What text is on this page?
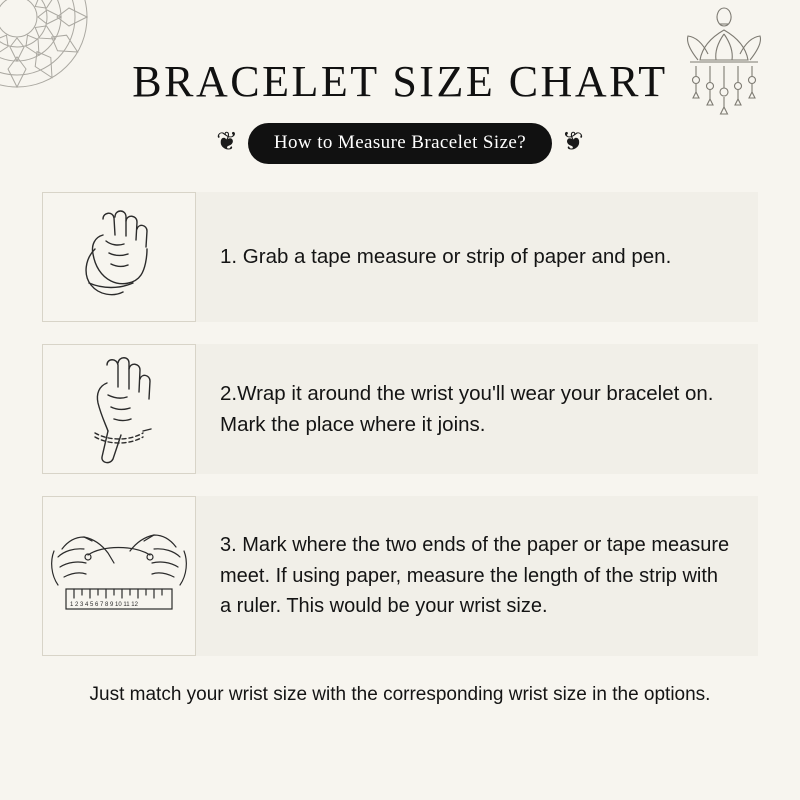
BRACELET SIZE CHART
❦	How to Measure Bracelet Size?	❦
1. Grab a tape measure or strip of paper and pen.
2.Wrap it around the wrist you'll wear your bracelet on. Mark the place where it joins.
1 2 3 4 5 6 7 8 9 10 11 12
3. Mark where the two ends of the paper or tape measure meet. If using paper, measure the length of the strip with a ruler. This would be your wrist size.
Just match your wrist size with the corresponding wrist size in the options.
